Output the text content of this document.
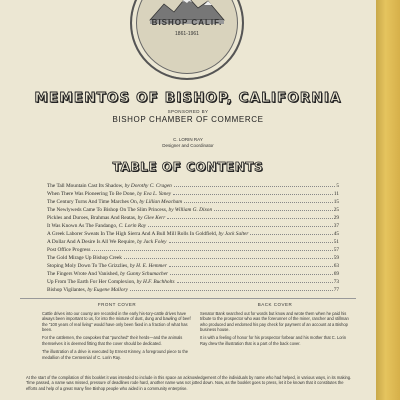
BISHOP CALIF.
1861-1961
MEMENTOS OF BISHOP, CALIFORNIA
SPONSORED BY
BISHOP CHAMBER OF COMMERCE
C. LORIN RAY
Designer and Coordinator
TABLE OF CONTENTS
The Tall Mountain Cast Its Shadow, by Dorothy C. Cragen	5
When There Was Pioneering To Be Done, by Eva L. Yaney	11
The Century Turns And Time Marches On, by Lillian Meacham	15
The Newlyweds Came To Bishop On The Slim Princess, by William G. Dixon	25
Pickles and Duroes, Brahmas And Reatas, by Glee Kerr	29
It Was Known As The Fandango, C. Lorin Ray	37
A Greek Laborer Sweats In The High Sierra And A Bull Mill Rolls In Goldfield, by Jack Salter	45
A Dollar And A Desire Is All We Require, by Jack Foley	51
Post Office Progress	57
The Gold Mirage Up Bishop Creek	59
Stoping Moly Down To The Grizzlies, by H. E. Hemmer	63
The Fingers Wrote And Vanished, by Gunny Schumacher	69
Up From The Earth For Her Complexion, by H.F. Buchholts	73
Bishop Vigilantes, by Eugene Mallory	77
FRONT COVER

Cattle drives into our county are recorded in the early his-tory-cattle drives have always been important to us, for into the mixture of dust, dung and bawling of beef the "100 years of real living" would have only been fixed in a fraction of what has been.

For the cattlemen, the cowpokes that "punched" their herds—and the animals themselves it is deemed fitting that the cover should be dedicated.

The illustration of a drive is executed by Ernest Kinney, a foreground piece to the medallion of the Centennial of C. Lorin Ray.

BACK COVER

Senator Bank searched out for words but know and wrote them when he paid his tribute to the prospector who was the forerunner of the miner, rancher and stillman who produced and endorsed his pay check for payment of an account at a Bishop business house.

It is with a feeling of honor for his prospector forbear and his mother that C. Lorin Ray drew the illustration that is a part of the back cover.

At the start of the compilation of this booklet it was intended to include in this space an acknowledgement of the individuals by name who had helped, in various ways, in its making. Time passed, a name was missed, pressure of deadlines rode hard, another name was not jotted down. Now, as the booklet goes to press, let it be known that it constitutes the efforts and help of a great many fine Bishop people who aided in a community enterprise.
